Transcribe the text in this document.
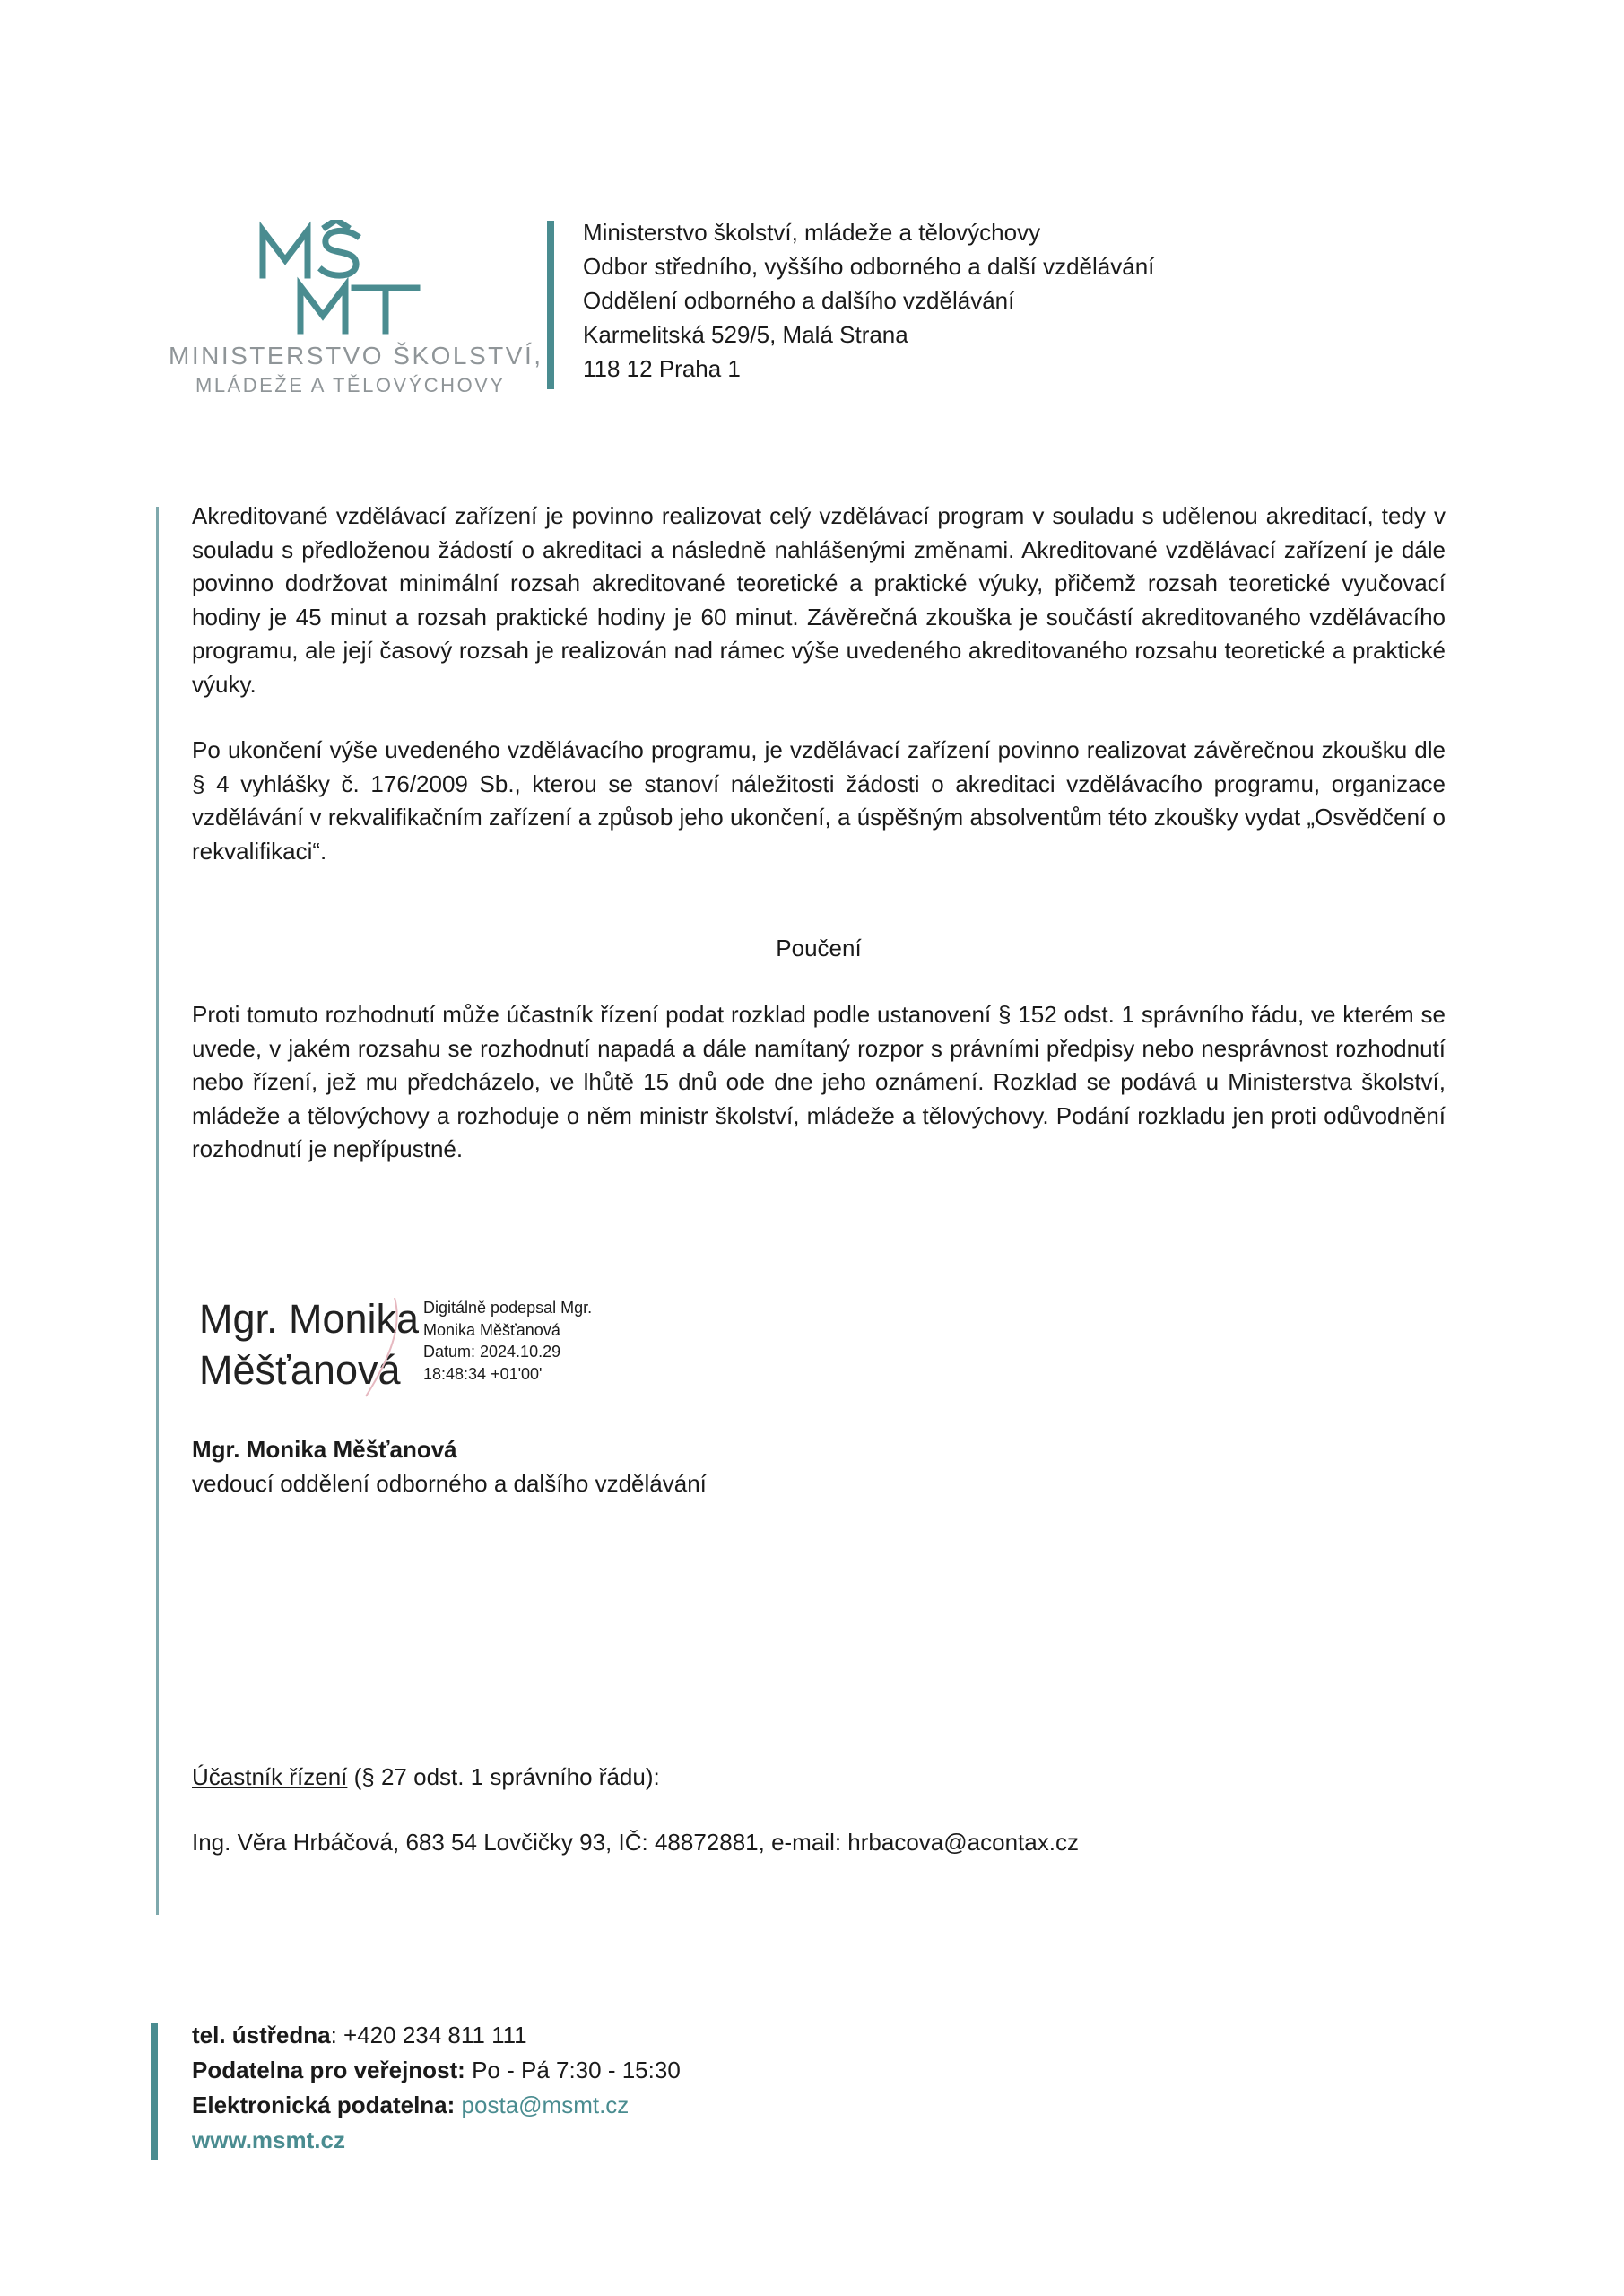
MINISTERSTVO ŠKOLSTVÍ,
MLÁDEŽE A TĚLOVÝCHOVY
Ministerstvo školství, mládeže a tělovýchovy
Odbor středního, vyššího odborného a další vzdělávání
Oddělení odborného a dalšího vzdělávání
Karmelitská 529/5, Malá Strana
118 12 Praha 1
Akreditované vzdělávací zařízení je povinno realizovat celý vzdělávací program v souladu s udělenou akreditací, tedy v souladu s předloženou žádostí o akreditaci a následně nahlášenými změnami. Akreditované vzdělávací zařízení je dále povinno dodržovat minimální rozsah akreditované teoretické a praktické výuky, přičemž rozsah teoretické vyučovací hodiny je 45 minut a rozsah praktické hodiny je 60 minut. Závěrečná zkouška je součástí akreditovaného vzdělávacího programu, ale její časový rozsah je realizován nad rámec výše uvedeného akreditovaného rozsahu teoretické a praktické výuky.
Po ukončení výše uvedeného vzdělávacího programu, je vzdělávací zařízení povinno realizovat závěrečnou zkoušku dle § 4 vyhlášky č. 176/2009 Sb., kterou se stanoví náležitosti žádosti o akreditaci vzdělávacího programu, organizace vzdělávání v rekvalifikačním zařízení a způsob jeho ukončení, a úspěšným absolventům této zkoušky vydat „Osvědčení o rekvalifikaci“.
Poučení
Proti tomuto rozhodnutí může účastník řízení podat rozklad podle ustanovení § 152 odst. 1 správního řádu, ve kterém se uvede, v jakém rozsahu se rozhodnutí napadá a dále namítaný rozpor s právními předpisy nebo nesprávnost rozhodnutí nebo řízení, jež mu předcházelo, ve lhůtě 15 dnů ode dne jeho oznámení. Rozklad se podává u Ministerstva školství, mládeže a tělovýchovy a rozhoduje o něm ministr školství, mládeže a tělovýchovy. Podání rozkladu jen proti odůvodnění rozhodnutí je nepřípustné.
Mgr. Monika
Měšťanová
Digitálně podepsal Mgr.
Monika Měšťanová
Datum: 2024.10.29
18:48:34 +01'00'
Mgr. Monika Měšťanová
vedoucí oddělení odborného a dalšího vzdělávání
Účastník řízení (§ 27 odst. 1 správního řádu):
Ing. Věra Hrbáčová, 683 54 Lovčičky 93, IČ: 48872881, e-mail: hrbacova@acontax.cz
tel. ústředna: +420 234 811 111
Podatelna pro veřejnost: Po - Pá 7:30 - 15:30
Elektronická podatelna: posta@msmt.cz
www.msmt.cz
